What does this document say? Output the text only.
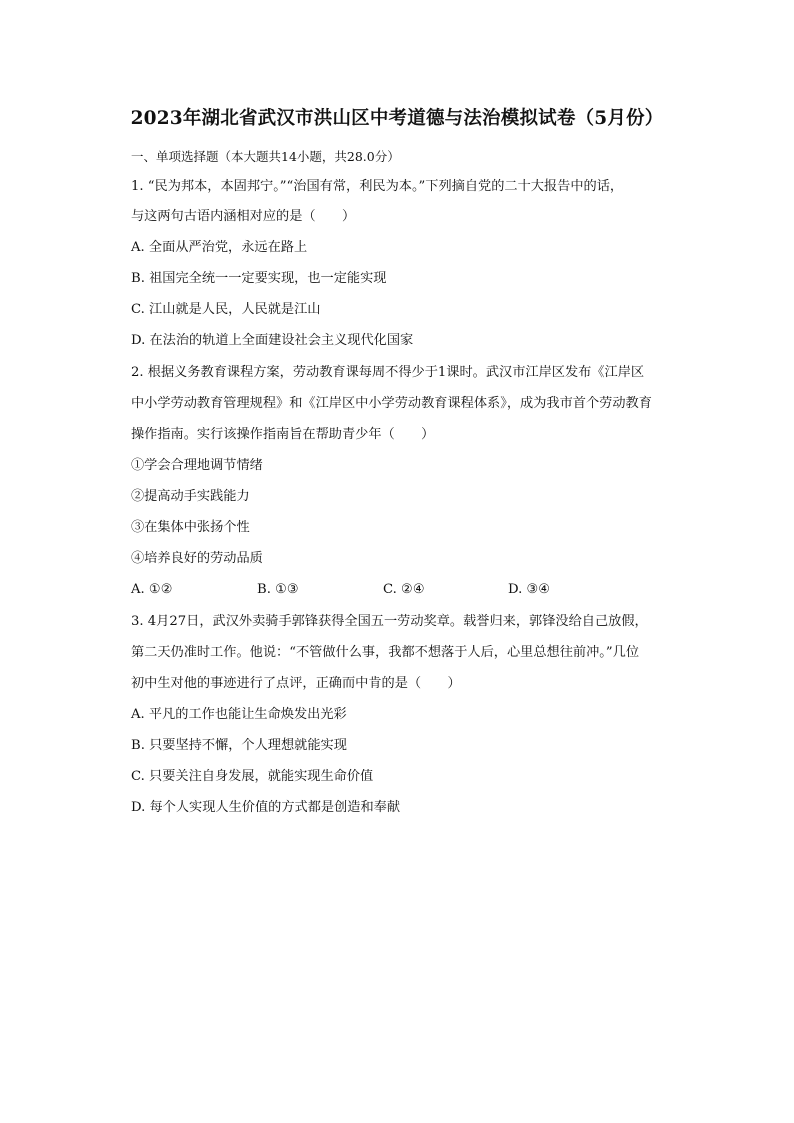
2023年湖北省武汉市洪山区中考道德与法治模拟试卷（5月份）
一、单项选择题（本大题共14小题，共28.0分）
1. “民为邦本，本固邦宁。”“治国有常，利民为本。”下列摘自党的二十大报告中的话，
与这两句古语内涵相对应的是（　　）
A. 全面从严治党，永远在路上
B. 祖国完全统一一定要实现，也一定能实现
C. 江山就是人民，人民就是江山
D. 在法治的轨道上全面建设社会主义现代化国家
2. 根据义务教育课程方案，劳动教育课每周不得少于1课时。武汉市江岸区发布《江岸区
中小学劳动教育管理规程》和《江岸区中小学劳动教育课程体系》，成为我市首个劳动教育
操作指南。实行该操作指南旨在帮助青少年（　　）
①学会合理地调节情绪
②提高动手实践能力
③在集体中张扬个性
④培养良好的劳动品质
A. ①②	B. ①③	C. ②④	D. ③④
3. 4月27日，武汉外卖骑手郭锋获得全国五一劳动奖章。载誉归来，郭锋没给自己放假，
第二天仍准时工作。他说：“不管做什么事，我都不想落于人后，心里总想往前冲。”几位
初中生对他的事迹进行了点评，正确而中肯的是（　　）
A. 平凡的工作也能让生命焕发出光彩
B. 只要坚持不懈，个人理想就能实现
C. 只要关注自身发展，就能实现生命价值
D. 每个人实现人生价值的方式都是创造和奉献
